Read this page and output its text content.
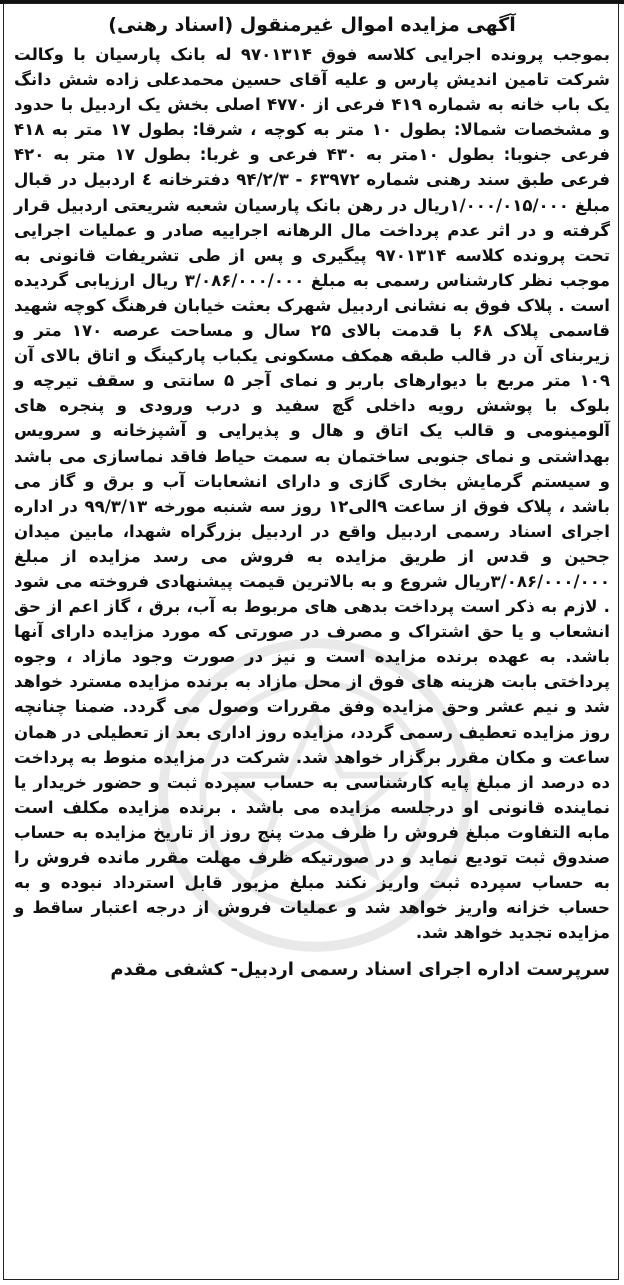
آگهی مزایده اموال غیرمنقول (اسناد رهنی)

بموجب پرونده اجرایی کلاسه فوق ۹۷۰۱۳۱۴ له بانک پارسیان با وکالت شرکت تامین اندیش پارس و علیه آقای حسین محمدعلی زاده شش دانگ یک باب خانه به شماره ۴۱۹ فرعی از ۴۷۷۰ اصلی بخش یک اردبیل با حدود و مشخصات شمالا: بطول ۱۰ متر به کوچه ، شرقا: بطول ۱۷ متر به ۴۱۸ فرعی جنوبا: بطول ۱۰متر به ۴۳۰ فرعی و غربا: بطول ۱۷ متر به ۴۲۰ فرعی طبق سند رهنی شماره ۶۳۹۷۲ - ۹۴/۲/۳ دفترخانه ٤ اردبیل در قبال مبلغ ۱/۰۰۰/۰۱۵/۰۰۰ریال در رهن بانک پارسیان شعبه شریعتی اردبیل قرار گرفته و در اثر عدم پرداخت مال الرهانه اجراییه صادر و عملیات اجرایی تحت پرونده کلاسه ۹۷۰۱۳۱۴ پیگیری و پس از طی تشریفات قانونی به موجب نظر کارشناس رسمی به مبلغ ۳/۰۸۶/۰۰۰/۰۰۰ ریال ارزیابی گردیده است . پلاک فوق به نشانی اردبیل شهرک بعثت خیابان فرهنگ کوچه شهید قاسمی پلاک ۶۸ با قدمت بالای ۲۵ سال و مساحت عرصه ۱۷۰ متر و زیربنای آن در قالب طبقه همکف مسکونی یکباب پارکینگ و اتاق بالای آن ۱۰۹ متر مربع با دیوارهای باربر و نمای آجر ۵ سانتی و سقف تیرچه و بلوک با پوشش رویه داخلی گچ سفید و درب ورودی و پنجره های آلومینومی و قالب یک اتاق و هال و پذیرایی و آشپزخانه و سرویس بهداشتی و نمای جنوبی ساختمان به سمت حیاط فاقد نماسازی می باشد و سیستم گرمایش بخاری گازی و دارای انشعابات آب و برق و گاز می باشد ، پلاک فوق از ساعت ۹الی۱۲ روز سه شنبه مورخه ۹۹/۳/۱۳ در اداره اجرای اسناد رسمی اردبیل واقع در اردبیل بزرگراه شهدا، مابین میدان جحین و قدس از طریق مزایده به فروش می رسد مزایده از مبلغ ۳/۰۸۶/۰۰۰/۰۰۰ریال شروع و به بالاترین قیمت پیشنهادی فروخته می شود . لازم به ذکر است پرداخت بدهی های مربوط به آب، برق ، گاز اعم از حق انشعاب و یا حق اشتراک و مصرف در صورتی که مورد مزایده دارای آنها باشد. به عهده برنده مزایده است و نیز در صورت وجود مازاد ، وجوه پرداختی بابت هزینه های فوق از محل مازاد به برنده مزایده مسترد خواهد شد و نیم عشر وحق مزایده وفق مقررات وصول می گردد. ضمنا چنانچه روز مزایده تعطیف رسمی گردد، مزایده روز اداری بعد از تعطیلی در همان ساعت و مکان مقرر برگزار خواهد شد. شرکت در مزایده منوط به پرداخت ده درصد از مبلغ پایه کارشناسی به حساب سپرده ثبت و حضور خریدار یا نماینده قانونی او درجلسه مزایده می باشد . برنده مزایده مکلف است مابه التفاوت مبلغ فروش را ظرف مدت پنج روز از تاریخ مزایده به حساب صندوق ثبت تودیع نماید و در صورتیکه ظرف مهلت مقرر مانده فروش را به حساب سپرده ثبت واریز نکند مبلغ مزبور قابل استرداد نبوده و به حساب خزانه واریز خواهد شد و عملیات فروش از درجه اعتبار ساقط و مزایده تجدید خواهد شد.

سرپرست اداره اجرای اسناد رسمی اردبیل- کشفی مقدم
